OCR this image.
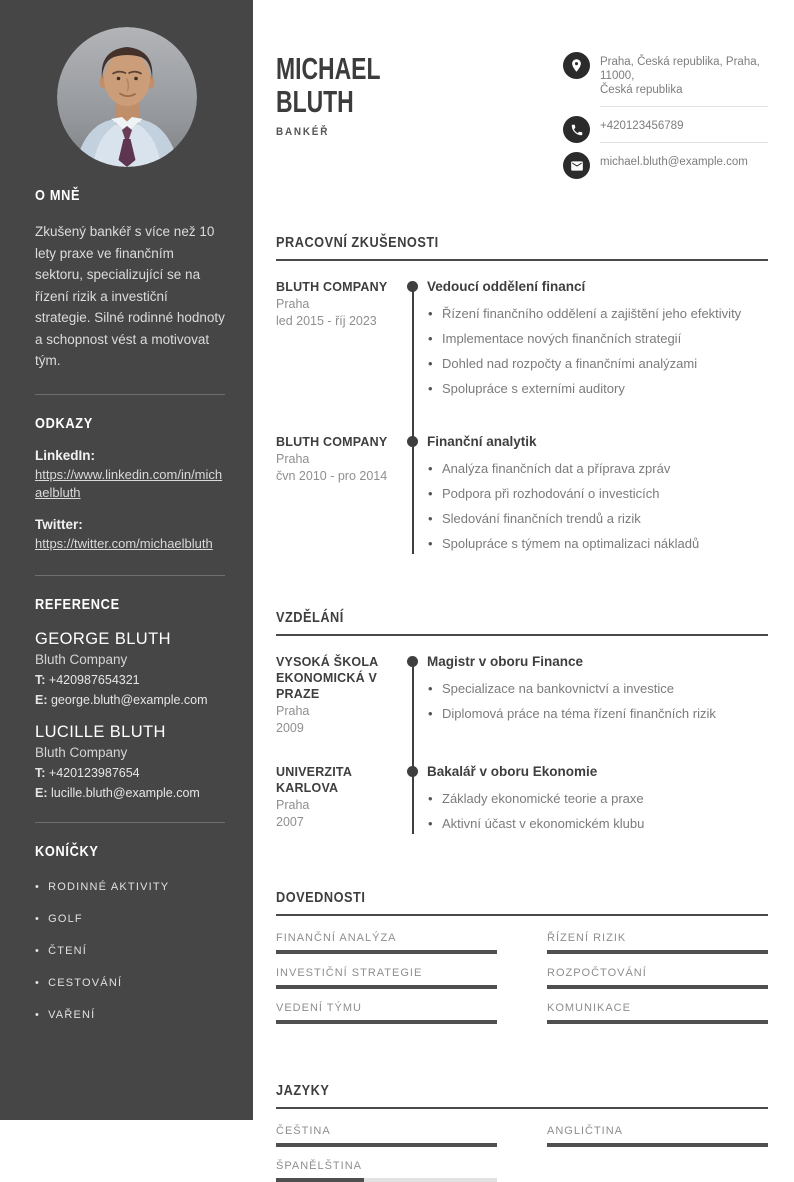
O MNĚ

Zkušený bankéř s více než 10 lety praxe ve finančním sektoru, specializující se na řízení rizik a investiční strategie. Silné rodinné hodnoty a schopnost vést a motivovat tým.

ODKAZY
LinkedIn:
https://www.linkedin.com/in/michaelbluth
Twitter:
https://twitter.com/michaelbluth
REFERENCE
GEORGE BLUTH
Bluth Company
T: +420987654321
E: george.bluth@example.com
LUCILLE BLUTH
Bluth Company
T: +420123987654
E: lucille.bluth@example.com
KONÍČKY
• RODINNÉ AKTIVITY
• GOLF
• ČTENÍ
• CESTOVÁNÍ
• VAŘENÍ
MICHAEL
BLUTH
BANKÉŘ
Praha, Česká republika, Praha, 11000,
Česká republika
+420123456789
michael.bluth@example.com
PRACOVNÍ ZKUŠENOSTI
BLUTH COMPANY
Praha
led 2015 - říj 2023
Vedoucí oddělení financí
• Řízení finančního oddělení a zajištění jeho efektivity
• Implementace nových finančních strategií
• Dohled nad rozpočty a finančními analýzami
• Spolupráce s externími auditory
BLUTH COMPANY
Praha
čvn 2010 - pro 2014
Finanční analytik
• Analýza finančních dat a příprava zpráv
• Podpora při rozhodování o investicích
• Sledování finančních trendů a rizik
• Spolupráce s týmem na optimalizaci nákladů
VZDĚLÁNÍ
VYSOKÁ ŠKOLA EKONOMICKÁ V PRAZE
Praha
2009
Magistr v oboru Finance
• Specializace na bankovnictví a investice
• Diplomová práce na téma řízení finančních rizik
UNIVERZITA KARLOVA
Praha
2007
Bakalář v oboru Ekonomie
• Základy ekonomické teorie a praxe
• Aktivní účast v ekonomickém klubu
DOVEDNOSTI
FINANČNÍ ANALÝZA	ŘÍZENÍ RIZIK
INVESTIČNÍ STRATEGIE	ROZPOČTOVÁNÍ
VEDENÍ TÝMU	KOMUNIKACE
JAZYKY
ČEŠTINA	ANGLIČTINA
ŠPANĚLŠTINA
